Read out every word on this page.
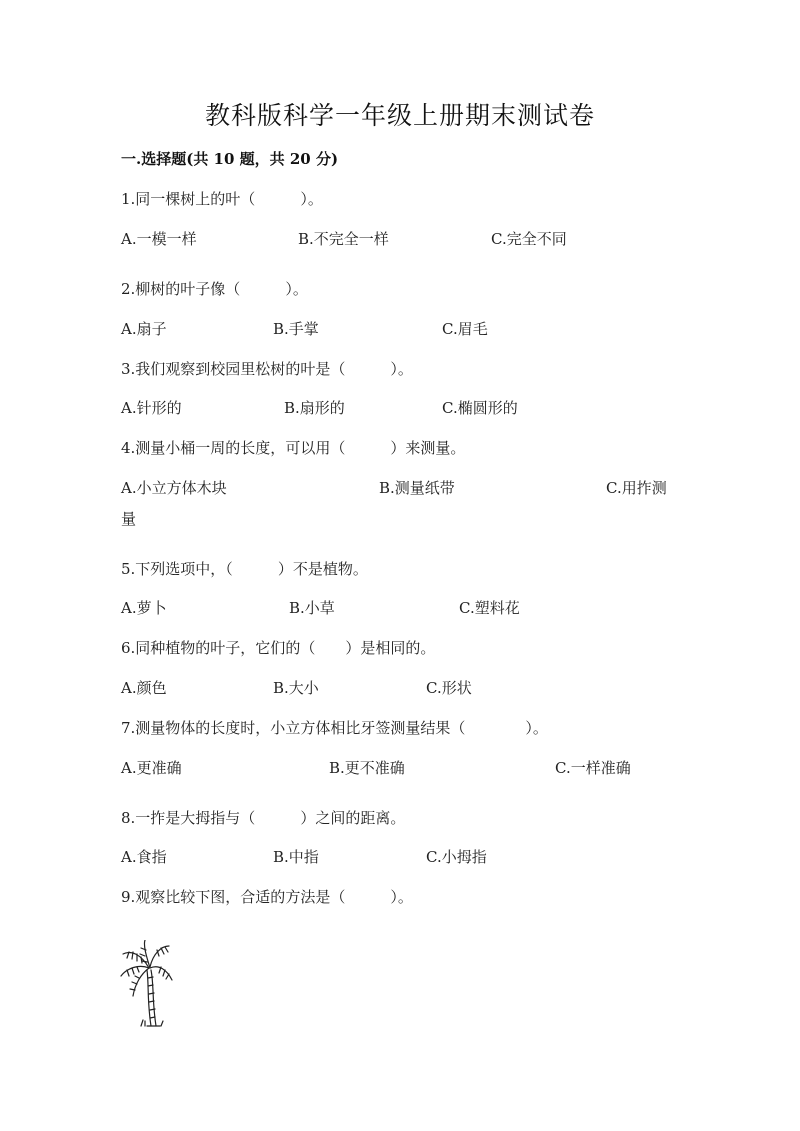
教科版科学一年级上册期末测试卷
一.选择题(共 10 题，共 20 分)
1.同一棵树上的叶（　　　）。
A.一模一样	B.不完全一样	C.完全不同
2.柳树的叶子像（　　　）。
A.扇子	B.手掌	C.眉毛
3.我们观察到校园里松树的叶是（　　　）。
A.针形的	B.扇形的	C.椭圆形的
4.测量小桶一周的长度，可以用（　　　）来测量。
A.小立方体木块	B.测量纸带	C.用拃测
量
5.下列选项中，（　　　）不是植物。
A.萝卜	B.小草	C.塑料花
6.同种植物的叶子，它们的（　　）是相同的。
A.颜色	B.大小	C.形状
7.测量物体的长度时，小立方体相比牙签测量结果（　　　　）。
A.更准确	B.更不准确	C.一样准确
8.一拃是大拇指与（　　　）之间的距离。
A.食指	B.中指	C.小拇指
9.观察比较下图，合适的方法是（　　　）。
